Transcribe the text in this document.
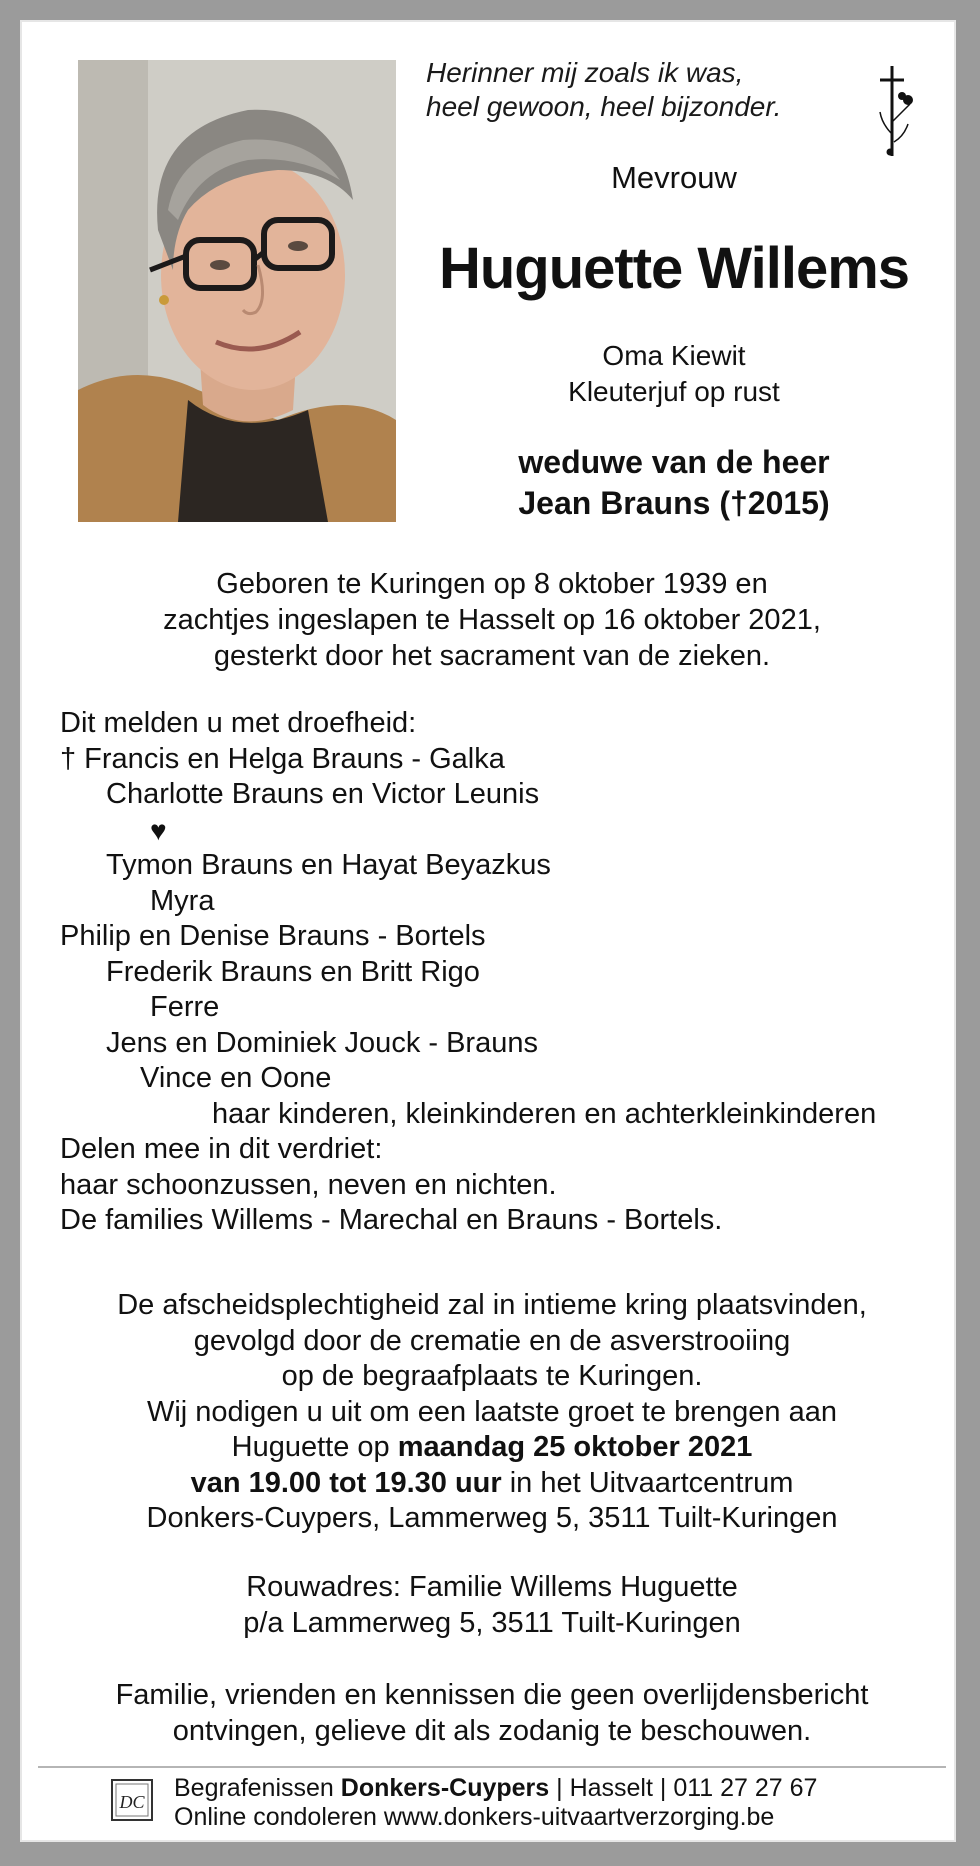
Herinner mij zoals ik was,
heel gewoon, heel bijzonder.
Mevrouw
Huguette Willems
Oma Kiewit
Kleuterjuf op rust
weduwe van de heer
Jean Brauns (†2015)
Geboren te Kuringen op 8 oktober 1939 en
zachtjes ingeslapen te Hasselt op 16 oktober 2021,
gesterkt door het sacrament van de zieken.
Dit melden u met droefheid:
† Francis en Helga Brauns - Galka
Charlotte Brauns en Victor Leunis
♥
Tymon Brauns en Hayat Beyazkus
Myra
Philip en Denise Brauns - Bortels
Frederik Brauns en Britt Rigo
Ferre
Jens en Dominiek Jouck - Brauns
Vince en Oone
haar kinderen, kleinkinderen en achterkleinkinderen
Delen mee in dit verdriet:
haar schoonzussen, neven en nichten.
De families Willems - Marechal en Brauns - Bortels.
De afscheidsplechtigheid zal in intieme kring plaatsvinden,
gevolgd door de crematie en de asverstrooiing
op de begraafplaats te Kuringen.
Wij nodigen u uit om een laatste groet te brengen aan
Huguette op maandag 25 oktober 2021
van 19.00 tot 19.30 uur in het Uitvaartcentrum
Donkers-Cuypers, Lammerweg 5, 3511 Tuilt-Kuringen
Rouwadres: Familie Willems Huguette
p/a Lammerweg 5, 3511 Tuilt-Kuringen
Familie, vrienden en kennissen die geen overlijdensbericht
ontvingen, gelieve dit als zodanig te beschouwen.
DC Begrafenissen Donkers-Cuypers | Hasselt | 011 27 27 67
Online condoleren www.donkers-uitvaartverzorging.be
